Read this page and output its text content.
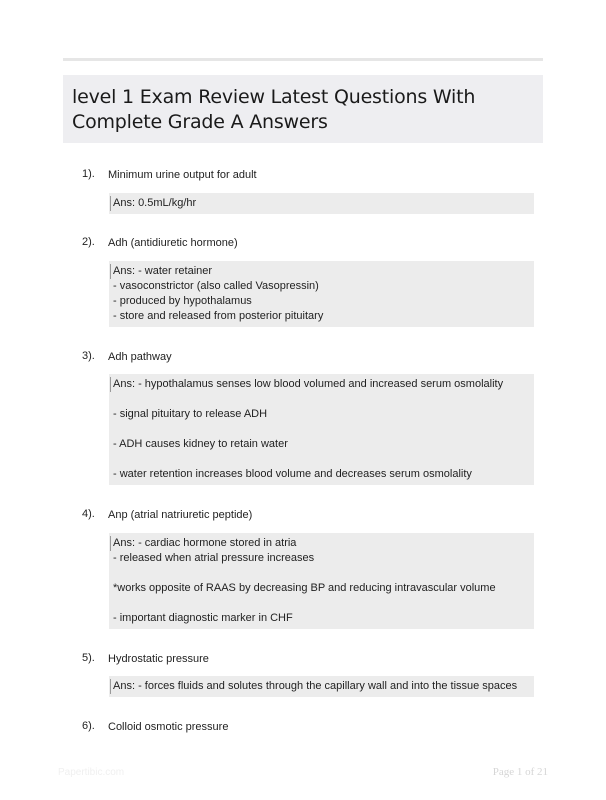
level 1 Exam Review Latest Questions With Complete Grade A Answers
1). Minimum urine output for adult
Ans: 0.5mL/kg/hr
2). Adh (antidiuretic hormone)
Ans: - water retainer
- vasoconstrictor (also called Vasopressin)
- produced by hypothalamus
- store and released from posterior pituitary
3). Adh pathway
Ans: - hypothalamus senses low blood volumed and increased serum osmolality
- signal pituitary to release ADH
- ADH causes kidney to retain water
- water retention increases blood volume and decreases serum osmolality
4). Anp (atrial natriuretic peptide)
Ans: - cardiac hormone stored in atria
- released when atrial pressure increases
*works opposite of RAAS by decreasing BP and reducing intravascular volume
- important diagnostic marker in CHF
5). Hydrostatic pressure
Ans: - forces fluids and solutes through the capillary wall and into the tissue spaces
6). Colloid osmotic pressure
Papertibic.com	Page 1 of 21
